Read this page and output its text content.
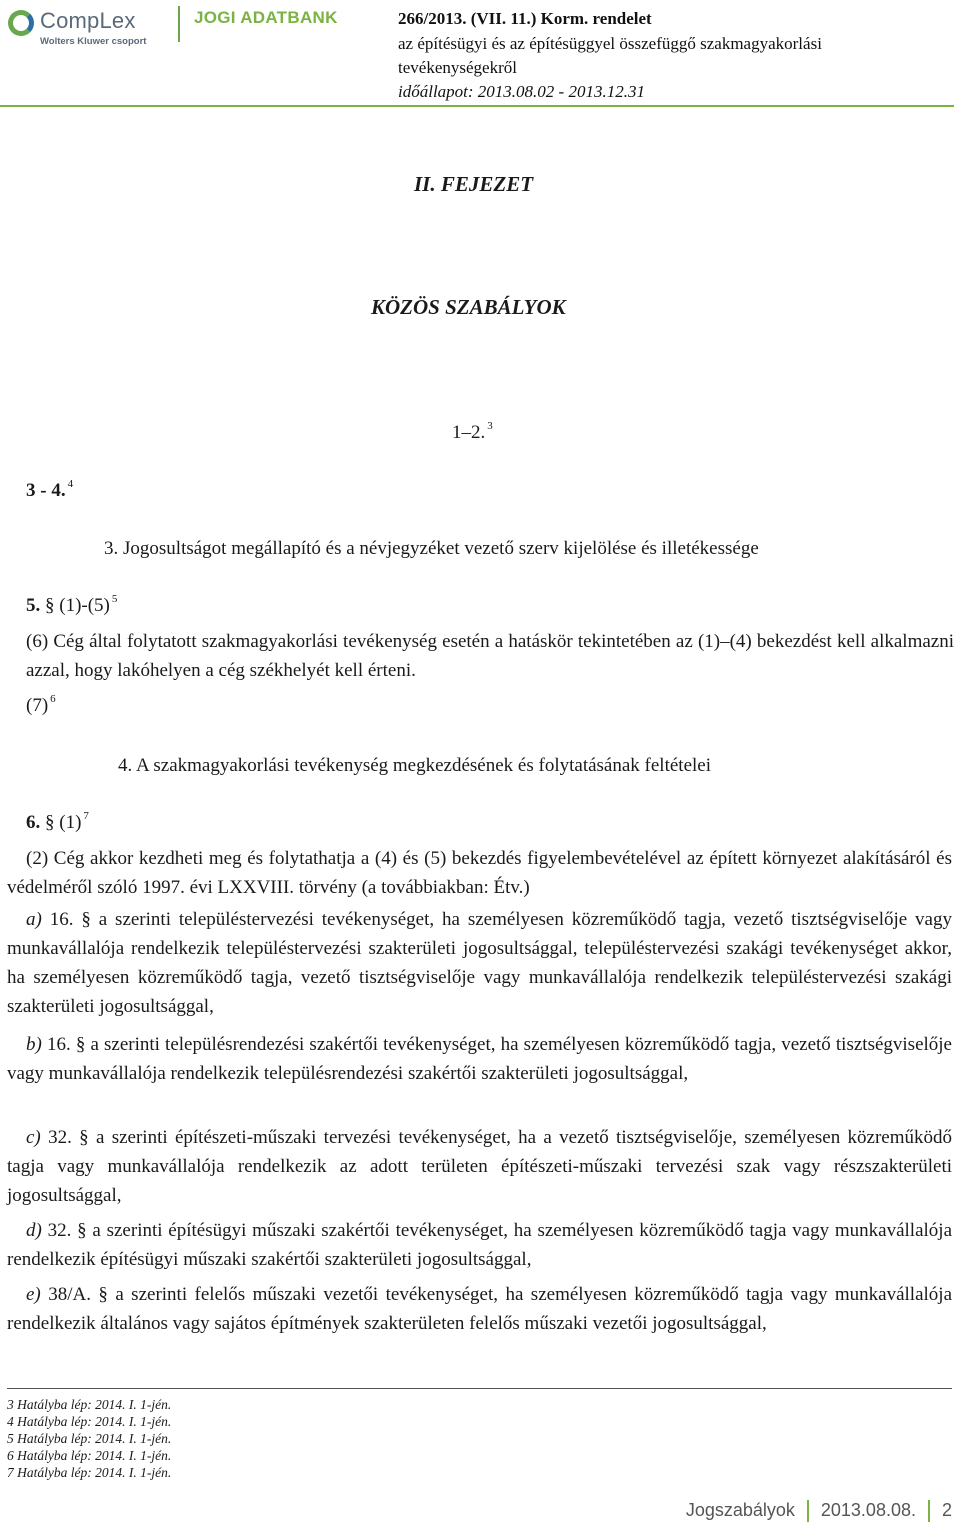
CompLex
Wolters Kluwer csoport
JOGI ADATBANK	266/2013. (VII. 11.) Korm. rendelet
az építésügyi és az építésüggyel összefüggő szakmagyakorlási
tevékenységekről
időállapot: 2013.08.02 - 2013.12.31
II. FEJEZET
KÖZÖS SZABÁLYOK
1–2. $^3$
3 - 4. $^4$
3. Jogosultságot megállapító és a névjegyzéket vezető szerv kijelölése és illetékessége
5. § (1)-(5) $^5$
(6) Cég által folytatott szakmagyakorlási tevékenység esetén a hatáskör tekintetében az (1)–(4) bekezdést kell alkalmazni azzal, hogy lakóhelyen a cég székhelyét kell érteni.
(7) $^6$
4. A szakmagyakorlási tevékenység megkezdésének és folytatásának feltételei
6. § (1) $^7$
(2) Cég akkor kezdheti meg és folytathatja a (4) és (5) bekezdés figyelembevételével az épített környezet alakításáról és védelméről szóló 1997. évi LXXVIII. törvény (a továbbiakban: Étv.)
a) 16. § a szerinti településtervezési tevékenységet, ha személyesen közreműködő tagja, vezető tisztségviselője vagy munkavállalója rendelkezik településtervezési szakterületi jogosultsággal, településtervezési szakági tevékenységet akkor, ha személyesen közreműködő tagja, vezető tisztségviselője vagy munkavállalója rendelkezik településtervezési szakági szakterületi jogosultsággal,
b) 16. § a szerinti településrendezési szakértői tevékenységet, ha személyesen közreműködő tagja, vezető tisztségviselője vagy munkavállalója rendelkezik településrendezési szakértői szakterületi jogosultsággal,
c) 32. § a szerinti építészeti-műszaki tervezési tevékenységet, ha a vezető tisztségviselője, személyesen közreműködő tagja vagy munkavállalója rendelkezik az adott területen építészeti-műszaki tervezési szak vagy részszakterületi jogosultsággal,
d) 32. § a szerinti építésügyi műszaki szakértői tevékenységet, ha személyesen közreműködő tagja vagy munkavállalója rendelkezik építésügyi műszaki szakértői szakterületi jogosultsággal,
e) 38/A. § a szerinti felelős műszaki vezetői tevékenységet, ha személyesen közreműködő tagja vagy munkavállalója rendelkezik általános vagy sajátos építmények szakterületen felelős műszaki vezetői jogosultsággal,
3 Hatályba lép: 2014. I. 1-jén.
4 Hatályba lép: 2014. I. 1-jén.
5 Hatályba lép: 2014. I. 1-jén.
6 Hatályba lép: 2014. I. 1-jén.
7 Hatályba lép: 2014. I. 1-jén.
Jogszabályok 2013.08.08. 2
